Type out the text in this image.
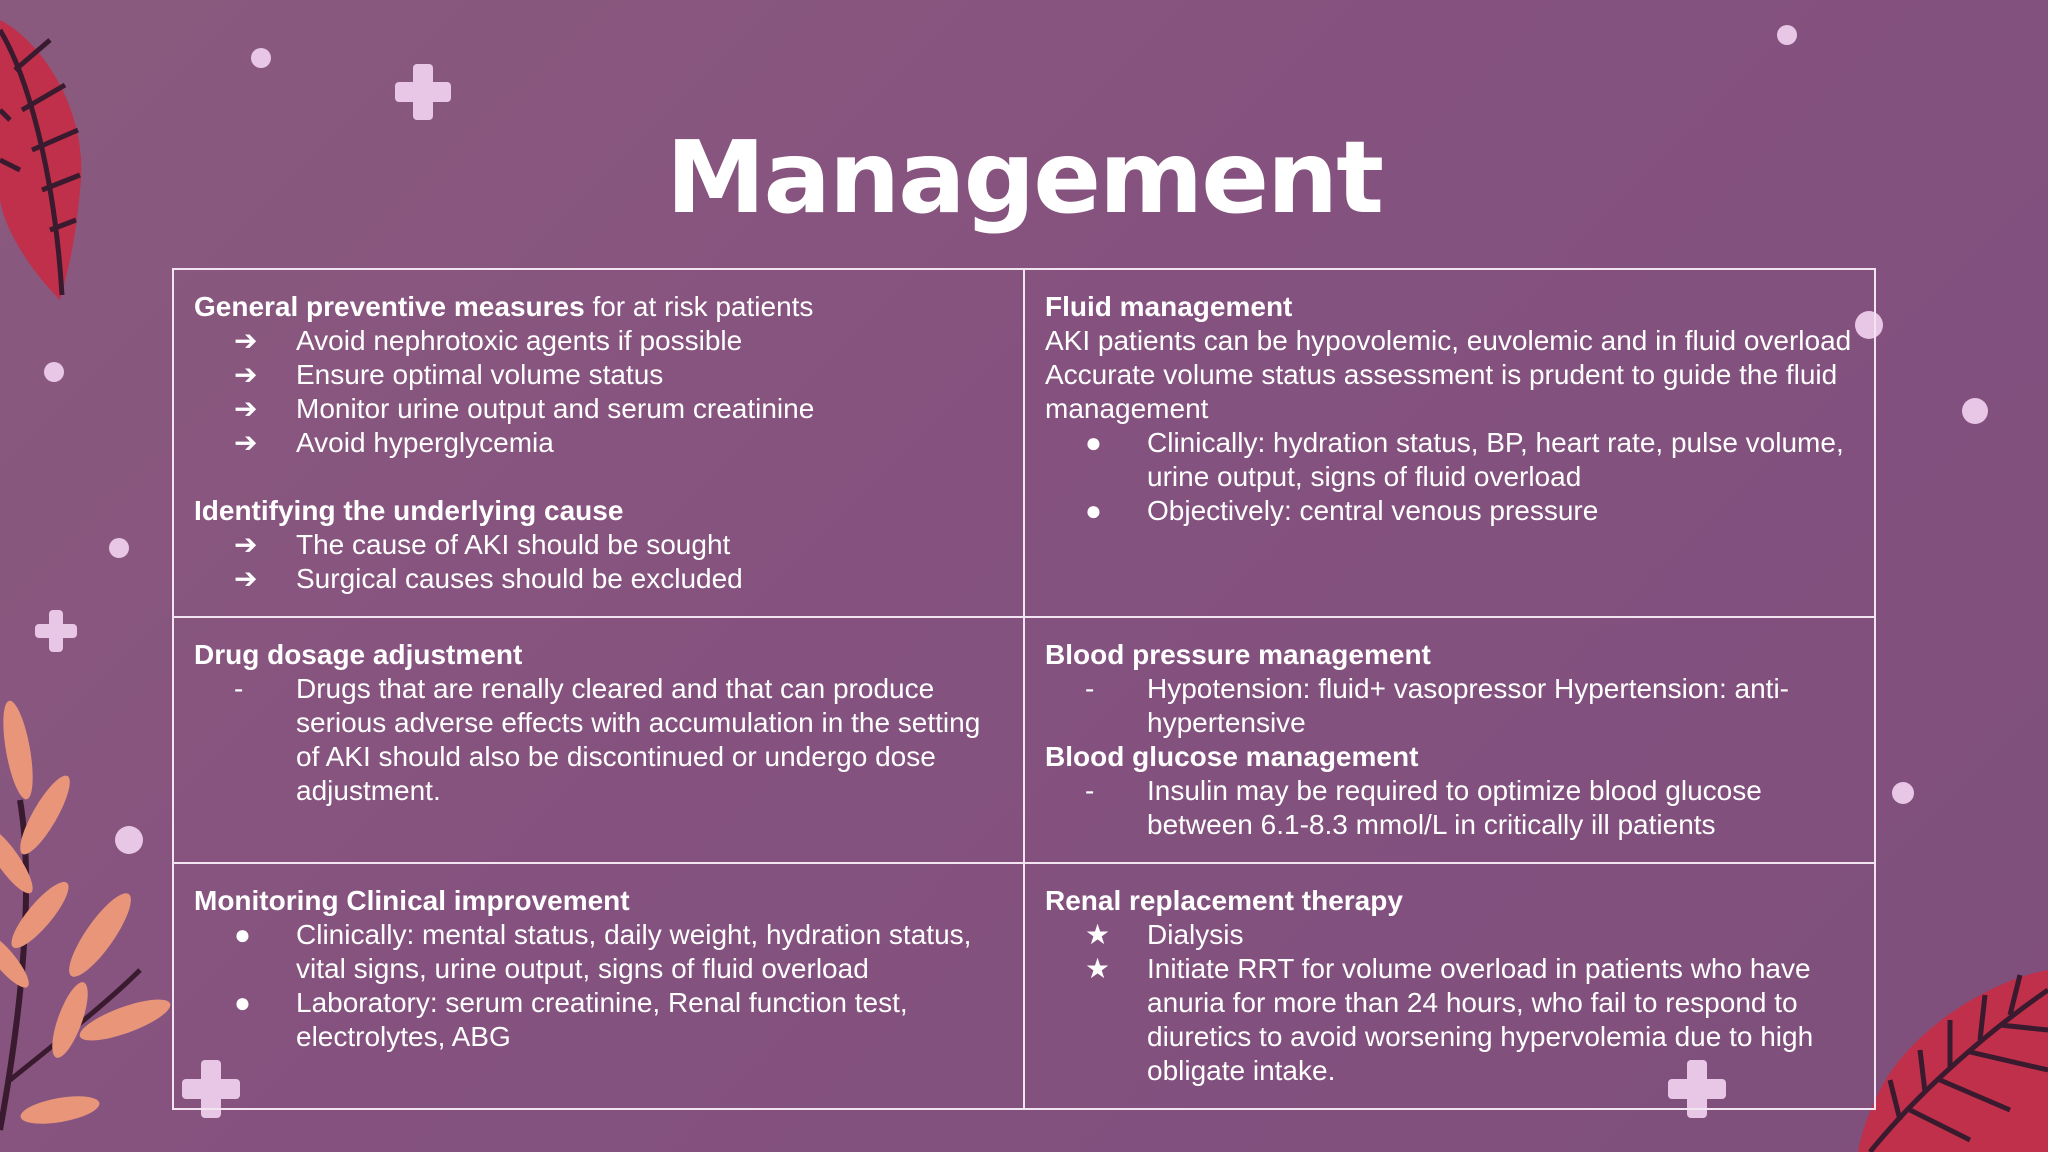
Management
General preventive measures for at risk patients
➔	Avoid nephrotoxic agents if possible
➔	Ensure optimal volume status
➔	Monitor urine output and serum creatinine
➔	Avoid hyperglycemia
Identifying the underlying cause
➔	The cause of AKI should be sought
➔	Surgical causes should be excluded
Fluid management
AKI patients can be hypovolemic, euvolemic and in fluid overload
Accurate volume status assessment is prudent to guide the fluid management
●	Clinically: hydration status, BP, heart rate, pulse volume, urine output, signs of fluid overload
●	Objectively: central venous pressure
Drug dosage adjustment
-	Drugs that are renally cleared and that can produce serious adverse effects with accumulation in the setting of AKI should also be discontinued or undergo dose adjustment.
Blood pressure management
-	Hypotension: fluid+ vasopressor Hypertension: anti-hypertensive
Blood glucose management
-	Insulin may be required to optimize blood glucose between 6.1-8.3 mmol/L in critically ill patients
Monitoring Clinical improvement
●	Clinically: mental status, daily weight, hydration status, vital signs, urine output, signs of fluid overload
●	Laboratory: serum creatinine, Renal function test, electrolytes, ABG
Renal replacement therapy
★	Dialysis
★	Initiate RRT for volume overload in patients who have anuria for more than 24 hours, who fail to respond to diuretics to avoid worsening hypervolemia due to high obligate intake.
